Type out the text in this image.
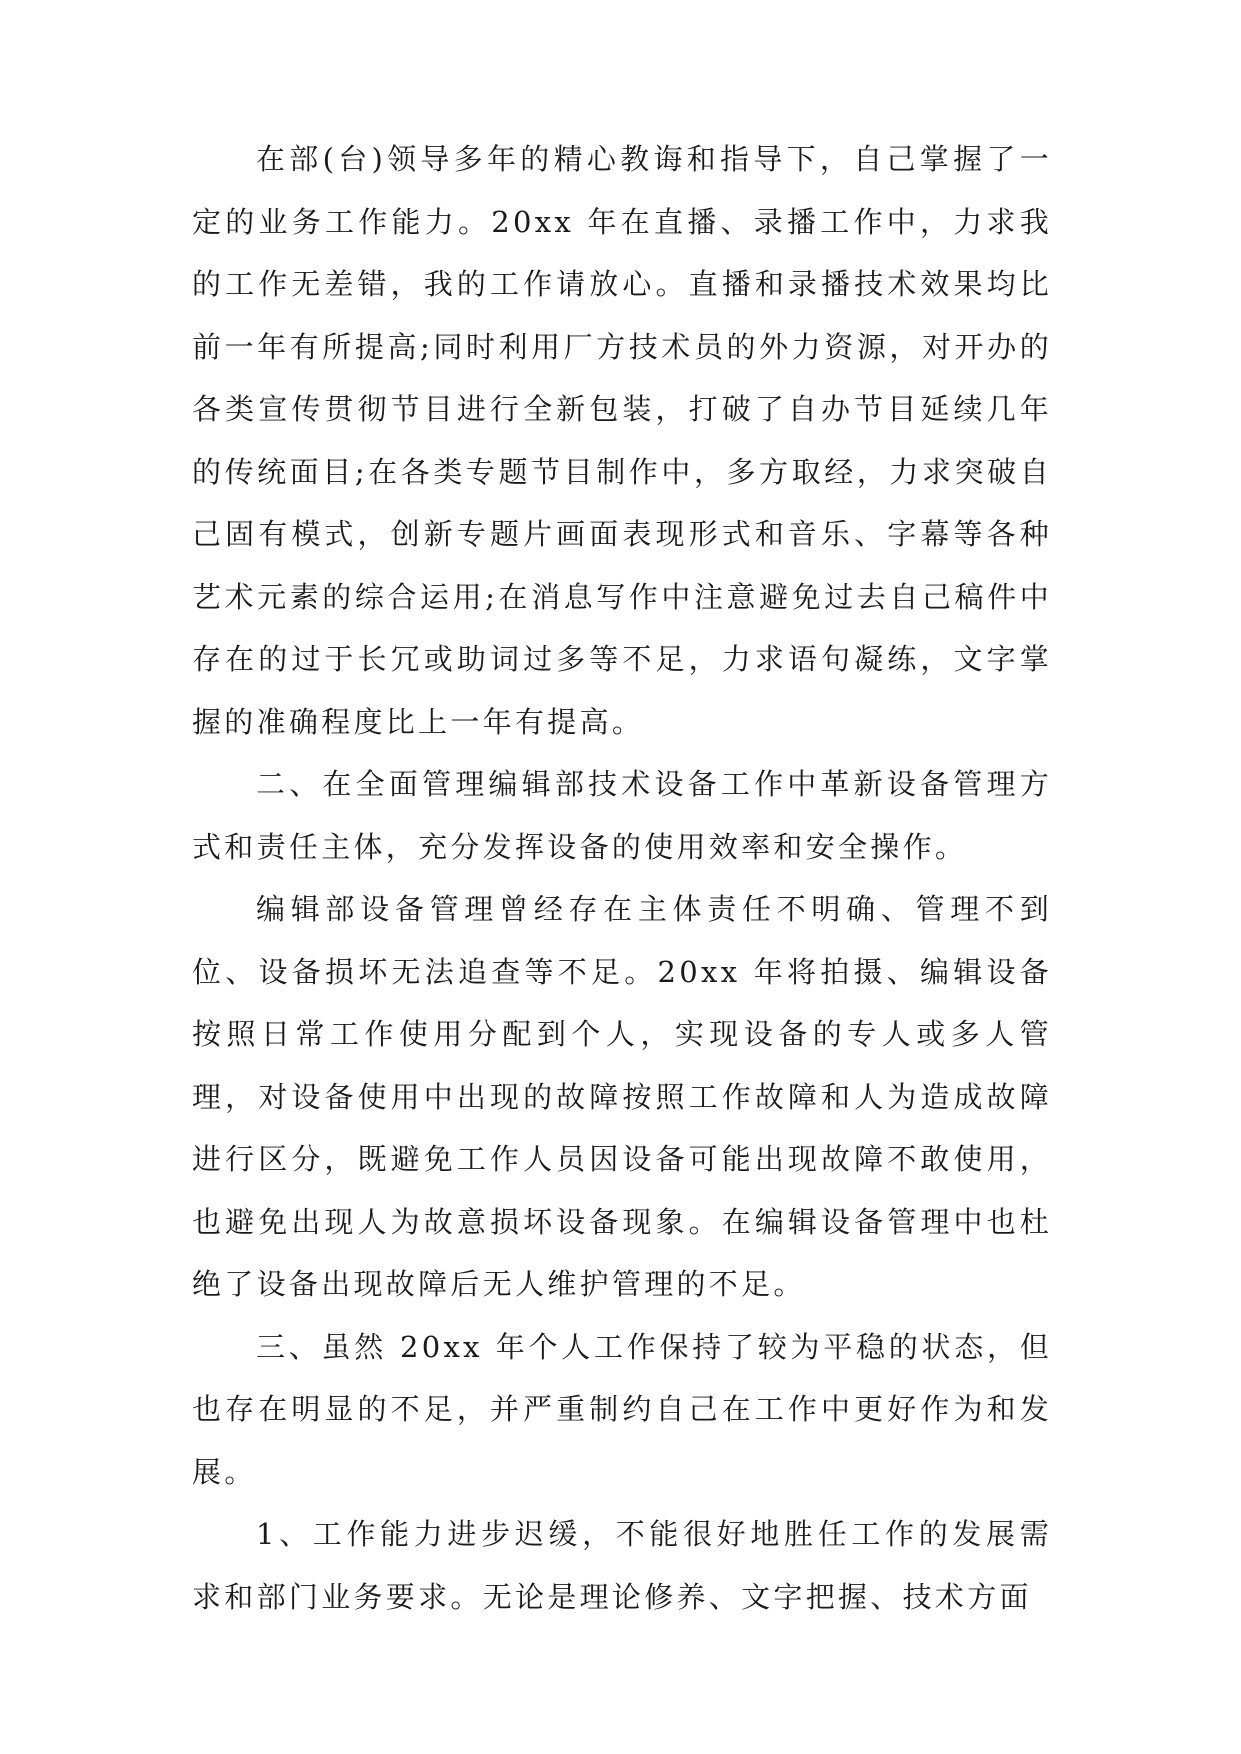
在部(台)领导多年的精心教诲和指导下，自己掌握了一定的业务工作能力。20xx 年在直播、录播工作中，力求我的工作无差错，我的工作请放心。直播和录播技术效果均比前一年有所提高;同时利用厂方技术员的外力资源，对开办的各类宣传贯彻节目进行全新包装，打破了自办节目延续几年的传统面目;在各类专题节目制作中，多方取经，力求突破自己固有模式，创新专题片画面表现形式和音乐、字幕等各种艺术元素的综合运用;在消息写作中注意避免过去自己稿件中存在的过于长冗或助词过多等不足，力求语句凝练，文字掌握的准确程度比上一年有提高。

二、在全面管理编辑部技术设备工作中革新设备管理方式和责任主体，充分发挥设备的使用效率和安全操作。

编辑部设备管理曾经存在主体责任不明确、管理不到位、设备损坏无法追查等不足。20xx 年将拍摄、编辑设备按照日常工作使用分配到个人，实现设备的专人或多人管理，对设备使用中出现的故障按照工作故障和人为造成故障进行区分，既避免工作人员因设备可能出现故障不敢使用，也避免出现人为故意损坏设备现象。在编辑设备管理中也杜绝了设备出现故障后无人维护管理的不足。

三、虽然 20xx 年个人工作保持了较为平稳的状态，但也存在明显的不足，并严重制约自己在工作中更好作为和发展。

1、工作能力进步迟缓，不能很好地胜任工作的发展需求和部门业务要求。无论是理论修养、文字把握、技术方面
